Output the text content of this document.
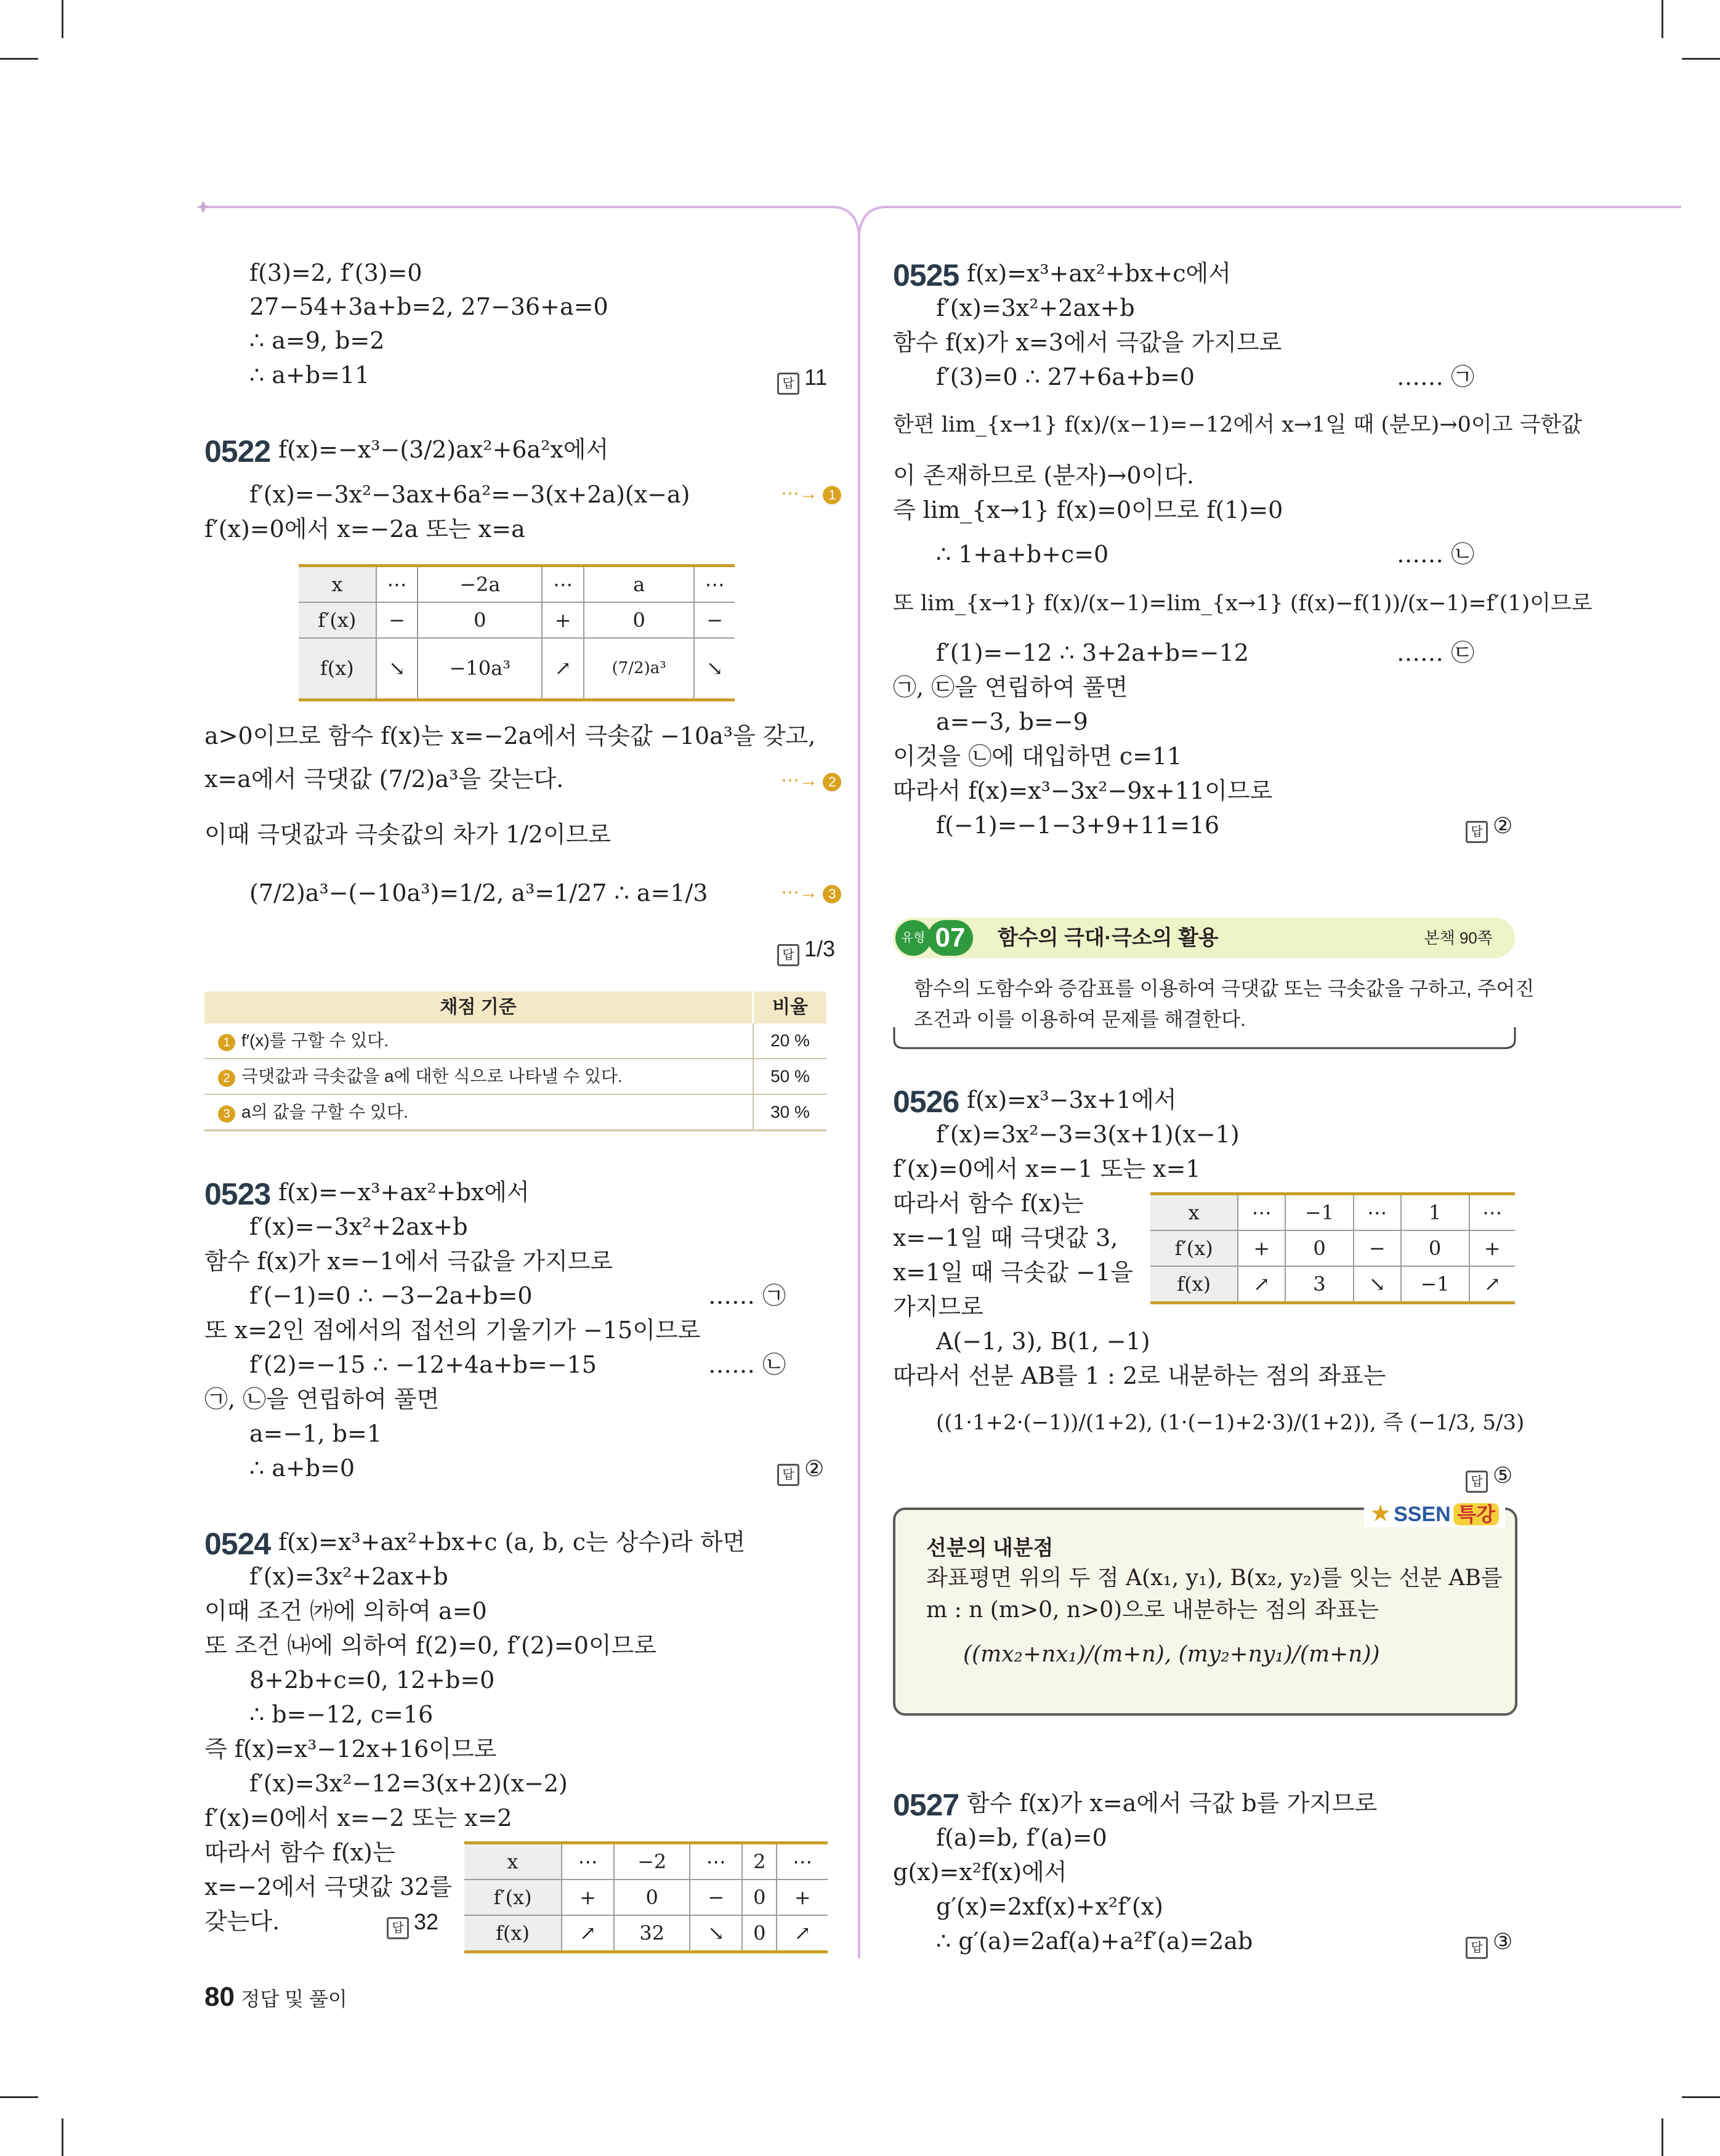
f(3)=2, f′(3)=0
27−54+3a+b=2, 27−36+a=0
∴ a=9, b=2
∴ a+b=11	답 11
0522 f(x)=−x³−(3/2)ax²+6a²x에서
f′(x)=−3x²−3ax+6a²=−3(x+2a)(x−a)	⋯→ 1
f′(x)=0에서 x=−2a 또는 x=a
x	⋯	−2a	⋯	a	⋯
f′(x)	−	0	+	0	−
f(x)	↘	−10a³	↗	(7/2)a³	↘
a>0이므로 함수 f(x)는 x=−2a에서 극솟값 −10a³을 갖고,
x=a에서 극댓값 (7/2)a³을 갖는다.	⋯→ 2
이때 극댓값과 극솟값의 차가 1/2이므로
(7/2)a³−(−10a³)=1/2, a³=1/27 ∴ a=1/3	⋯→ 3
답 1/3
채점 기준	비율
1 f′(x)를 구할 수 있다.	20 %
2 극댓값과 극솟값을 a에 대한 식으로 나타낼 수 있다.	50 %
3 a의 값을 구할 수 있다.	30 %
0523 f(x)=−x³+ax²+bx에서
f′(x)=−3x²+2ax+b
함수 f(x)가 x=−1에서 극값을 가지므로
f′(−1)=0 ∴ −3−2a+b=0	…… ㉠
또 x=2인 점에서의 접선의 기울기가 −15이므로
f′(2)=−15 ∴ −12+4a+b=−15	…… ㉡
㉠, ㉡을 연립하여 풀면
a=−1, b=1
∴ a+b=0	답 ②
0524 f(x)=x³+ax²+bx+c (a, b, c는 상수)라 하면
f′(x)=3x²+2ax+b
이때 조건 ㈎에 의하여 a=0
또 조건 ㈏에 의하여 f(2)=0, f′(2)=0이므로
8+2b+c=0, 12+b=0
∴ b=−12, c=16
즉 f(x)=x³−12x+16이므로
f′(x)=3x²−12=3(x+2)(x−2)
f′(x)=0에서 x=−2 또는 x=2
따라서 함수 f(x)는
x=−2에서 극댓값 32를
갖는다.	답 32
x	⋯	−2	⋯	2	⋯
f′(x)	+	0	−	0	+
f(x)	↗	32	↘	0	↗
80 정답 및 풀이
0525 f(x)=x³+ax²+bx+c에서
f′(x)=3x²+2ax+b
함수 f(x)가 x=3에서 극값을 가지므로
f′(3)=0 ∴ 27+6a+b=0	…… ㉠
한편 lim_{x→1} f(x)/(x−1)=−12에서 x→1일 때 (분모)→0이고 극한값
이 존재하므로 (분자)→0이다.
즉 lim_{x→1} f(x)=0이므로 f(1)=0
∴ 1+a+b+c=0	…… ㉡
또 lim_{x→1} f(x)/(x−1)=lim_{x→1} (f(x)−f(1))/(x−1)=f′(1)이므로
f′(1)=−12 ∴ 3+2a+b=−12	…… ㉢
㉠, ㉢을 연립하여 풀면
a=−3, b=−9
이것을 ㉡에 대입하면 c=11
따라서 f(x)=x³−3x²−9x+11이므로
f(−1)=−1−3+9+11=16	답 ②
유형 07	함수의 극대·극소의 활용	본책 90쪽
함수의 도함수와 증감표를 이용하여 극댓값 또는 극솟값을 구하고, 주어진
조건과 이를 이용하여 문제를 해결한다.
0526 f(x)=x³−3x+1에서
f′(x)=3x²−3=3(x+1)(x−1)
f′(x)=0에서 x=−1 또는 x=1
따라서 함수 f(x)는
x=−1일 때 극댓값 3,
x=1일 때 극솟값 −1을
가지므로
A(−1, 3), B(1, −1)
따라서 선분 AB를 1 : 2로 내분하는 점의 좌표는
((1·1+2·(−1))/(1+2), (1·(−1)+2·3)/(1+2)), 즉 (−1/3, 5/3)
답 ⑤
x	⋯	−1	⋯	1	⋯
f′(x)	+	0	−	0	+
f(x)	↗	3	↘	−1	↗
★ SSEN 특강
선분의 내분점
좌표평면 위의 두 점 A(x₁, y₁), B(x₂, y₂)를 잇는 선분 AB를
m : n (m>0, n>0)으로 내분하는 점의 좌표는
((mx₂+nx₁)/(m+n), (my₂+ny₁)/(m+n))
0527 함수 f(x)가 x=a에서 극값 b를 가지므로
f(a)=b, f′(a)=0
g(x)=x²f(x)에서
g′(x)=2xf(x)+x²f′(x)
∴ g′(a)=2af(a)+a²f′(a)=2ab	답 ③
